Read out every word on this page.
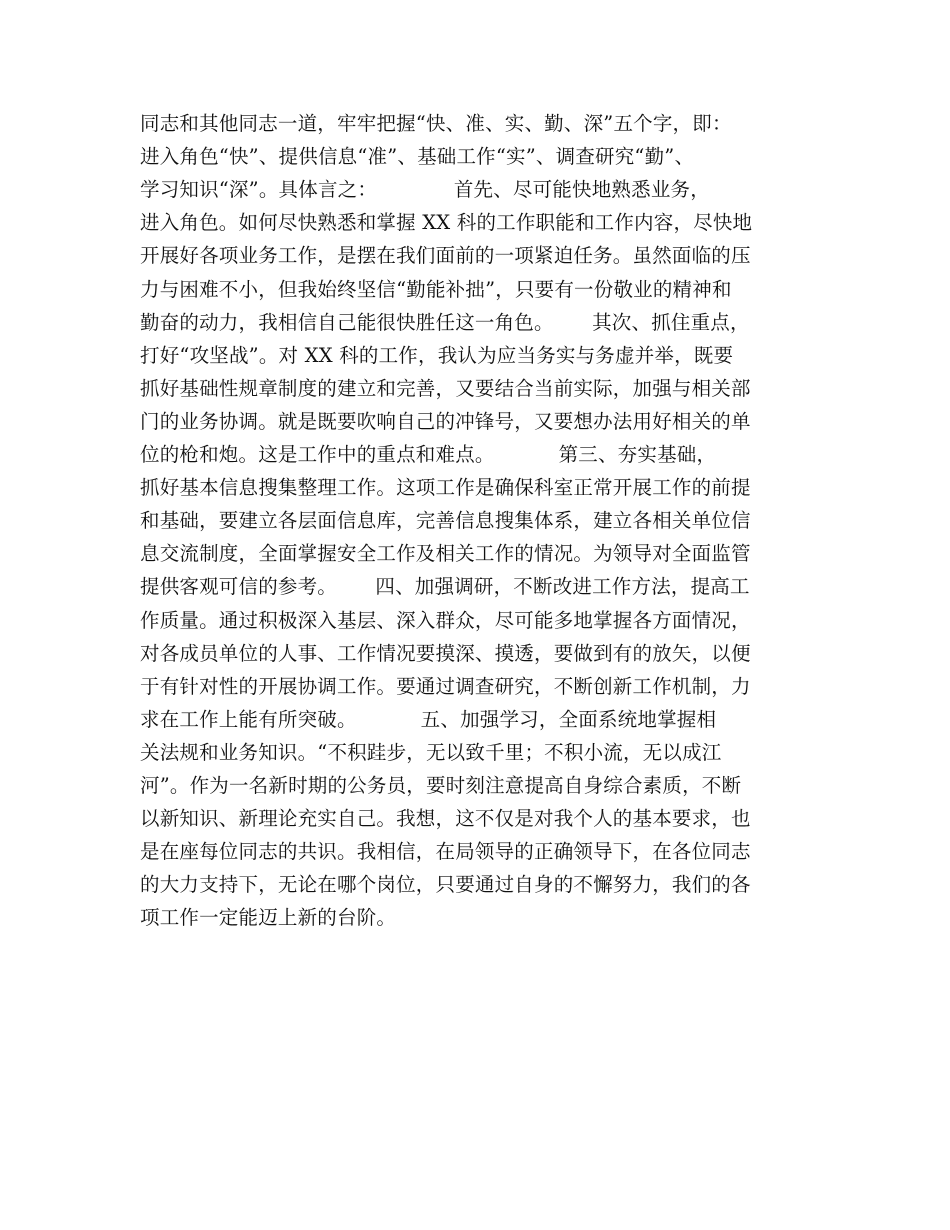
同志和其他同志一道，牢牢把握“快、准、实、勤、深”五个字，即：
进入角色“快”、提供信息“准”、基础工作“实”、调查研究“勤”、
学习知识“深”。具体言之：            首先、尽可能快地熟悉业务，
进入角色。如何尽快熟悉和掌握 XX 科的工作职能和工作内容，尽快地
开展好各项业务工作，是摆在我们面前的一项紧迫任务。虽然面临的压
力与困难不小，但我始终坚信“勤能补拙”，只要有一份敬业的精神和
勤奋的动力，我相信自己能很快胜任这一角色。      其次、抓住重点，
打好“攻坚战”。对 XX 科的工作，我认为应当务实与务虚并举，既要
抓好基础性规章制度的建立和完善，又要结合当前实际，加强与相关部
门的业务协调。就是既要吹响自己的冲锋号，又要想办法用好相关的单
位的枪和炮。这是工作中的重点和难点。          第三、夯实基础，
抓好基本信息搜集整理工作。这项工作是确保科室正常开展工作的前提
和基础，要建立各层面信息库，完善信息搜集体系，建立各相关单位信
息交流制度，全面掌握安全工作及相关工作的情况。为领导对全面监管
提供客观可信的参考。      四、加强调研，不断改进工作方法，提高工
作质量。通过积极深入基层、深入群众，尽可能多地掌握各方面情况，
对各成员单位的人事、工作情况要摸深、摸透，要做到有的放矢，以便
于有针对性的开展协调工作。要通过调查研究，不断创新工作机制，力
求在工作上能有所突破。          五、加强学习，全面系统地掌握相
关法规和业务知识。“不积跬步，无以致千里；不积小流，无以成江
河”。作为一名新时期的公务员，要时刻注意提高自身综合素质，不断
以新知识、新理论充实自己。我想，这不仅是对我个人的基本要求，也
是在座每位同志的共识。我相信，在局领导的正确领导下，在各位同志
的大力支持下，无论在哪个岗位，只要通过自身的不懈努力，我们的各
项工作一定能迈上新的台阶。
